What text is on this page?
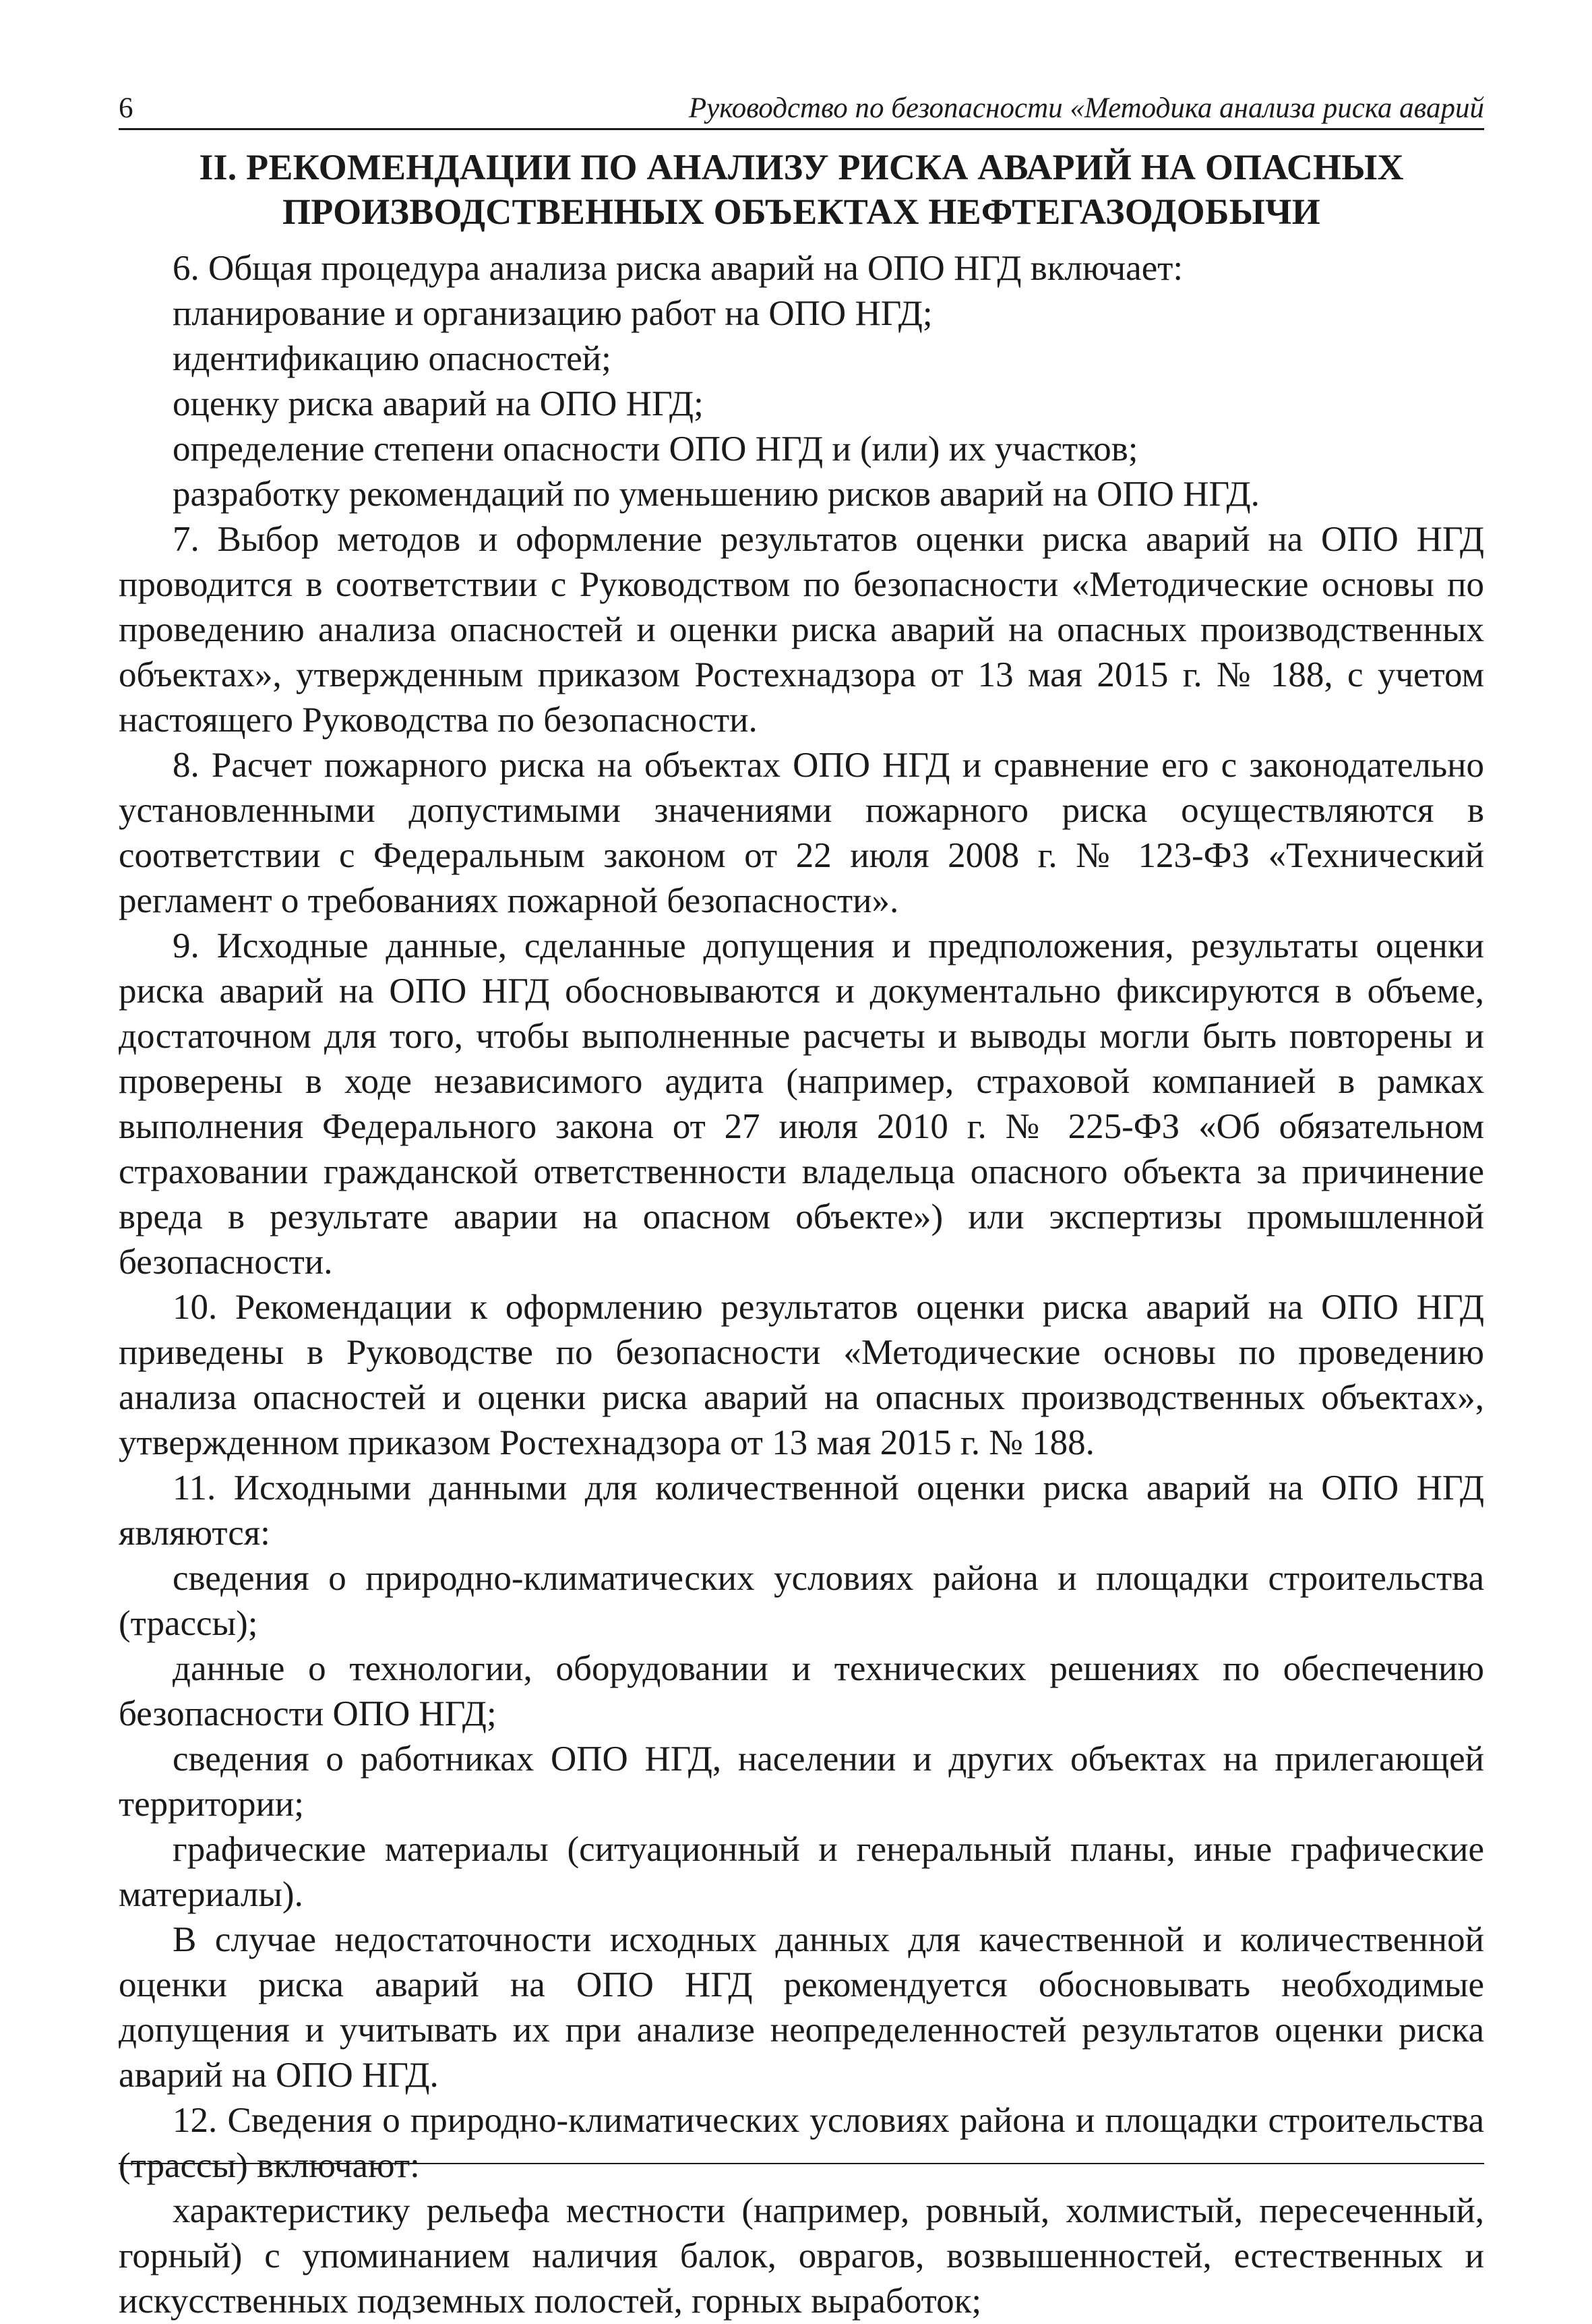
6	Руководство по безопасности «Методика анализа риска аварий
II. РЕКОМЕНДАЦИИ ПО АНАЛИЗУ РИСКА АВАРИЙ НА ОПАСНЫХ
ПРОИЗВОДСТВЕННЫХ ОБЪЕКТАХ НЕФТЕГАЗОДОБЫЧИ

6. Общая процедура анализа риска аварий на ОПО НГД включает:

планирование и организацию работ на ОПО НГД;

идентификацию опасностей;

оценку риска аварий на ОПО НГД;

определение степени опасности ОПО НГД и (или) их участков;

разработку рекомендаций по уменьшению рисков аварий на ОПО НГД.

7. Выбор методов и оформление результатов оценки риска аварий на ОПО НГД проводится в соответствии с Руководством по безопасности «Методические основы по проведению анализа опасностей и оценки риска аварий на опасных производственных объектах», утвержденным приказом Ростехнадзора от 13 мая 2015 г. № 188, с учетом настоящего Руководства по безопасности.

8. Расчет пожарного риска на объектах ОПО НГД и сравнение его с законодательно установленными допустимыми значениями пожарного риска осуществляются в соответствии с Федеральным законом от 22 июля 2008 г. № 123-ФЗ «Технический регламент о требованиях пожарной безопасности».

9. Исходные данные, сделанные допущения и предположения, результаты оценки риска аварий на ОПО НГД обосновываются и документально фиксируются в объеме, достаточном для того, чтобы выполненные расчеты и выводы могли быть повторены и проверены в ходе независимого аудита (например, страховой компанией в рамках выполнения Федерального закона от 27 июля 2010 г. № 225-ФЗ «Об обязательном страховании гражданской ответственности владельца опасного объекта за причинение вреда в результате аварии на опасном объекте») или экспертизы промышленной безопасности.

10. Рекомендации к оформлению результатов оценки риска аварий на ОПО НГД приведены в Руководстве по безопасности «Методические основы по проведению анализа опасностей и оценки риска аварий на опасных производственных объектах», утвержденном приказом Ростехнадзора от 13 мая 2015 г. № 188.

11. Исходными данными для количественной оценки риска аварий на ОПО НГД являются:

сведения о природно-климатических условиях района и площадки строительства (трассы);

данные о технологии, оборудовании и технических решениях по обеспечению безопасности ОПО НГД;

сведения о работниках ОПО НГД, населении и других объектах на прилегающей территории;

графические материалы (ситуационный и генеральный планы, иные графические материалы).

В случае недостаточности исходных данных для качественной и количественной оценки риска аварий на ОПО НГД рекомендуется обосновывать необходимые допущения и учитывать их при анализе неопределенностей результатов оценки риска аварий на ОПО НГД.

12. Сведения о природно-климатических условиях района и площадки строительства (трассы) включают:

характеристику рельефа местности (например, ровный, холмистый, пересеченный, горный) с упоминанием наличия балок, оврагов, возвышенностей, естественных и искусственных подземных полостей, горных выработок;
